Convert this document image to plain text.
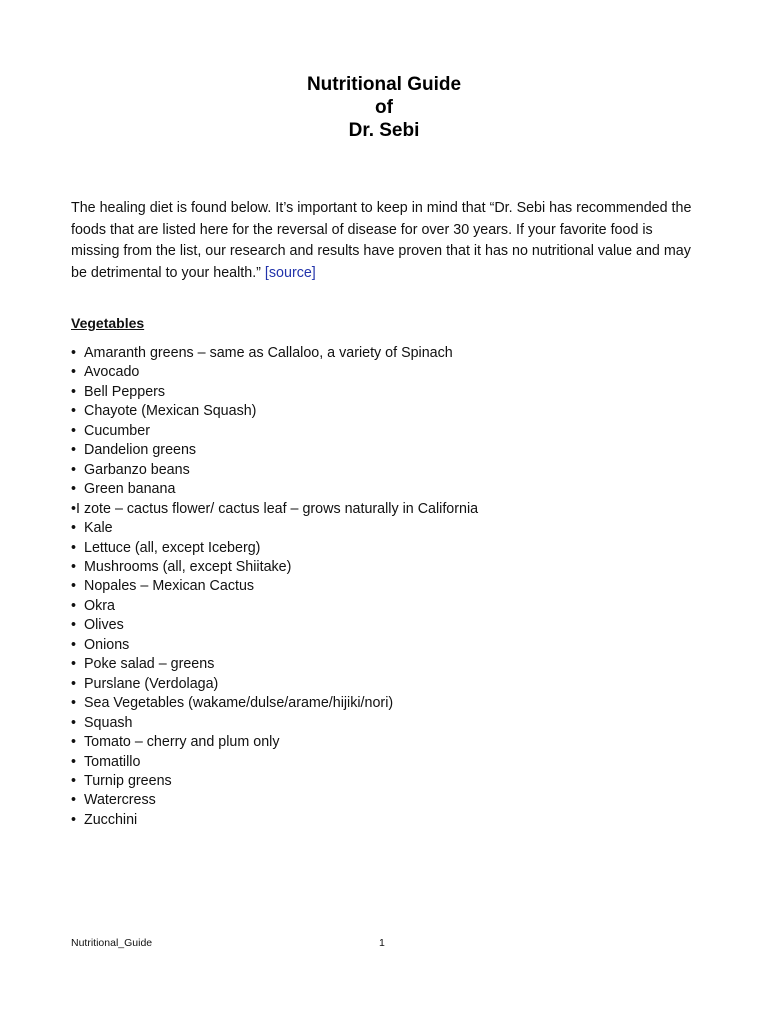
Nutritional Guide
of
Dr. Sebi

The healing diet is found below. It’s important to keep in mind that “Dr. Sebi has recommended the foods that are listed here for the reversal of disease for over 30 years. If your favorite food is missing from the list, our research and results have proven that it has no nutritional value and may be detrimental to your health.” [source]

Vegetables
• Amaranth greens – same as Callaloo, a variety of Spinach
• Avocado
• Bell Peppers
• Chayote (Mexican Squash)
• Cucumber
• Dandelion greens
• Garbanzo beans
• Green banana
•I zote – cactus flower/ cactus leaf – grows naturally in California
• Kale
• Lettuce (all, except Iceberg)
• Mushrooms (all, except Shiitake)
• Nopales – Mexican Cactus
• Okra
• Olives
• Onions
• Poke salad – greens
• Purslane (Verdolaga)
• Sea Vegetables (wakame/dulse/arame/hijiki/nori)
• Squash
• Tomato – cherry and plum only
• Tomatillo
• Turnip greens
• Watercress
• Zucchini
Nutritional_Guide	1
